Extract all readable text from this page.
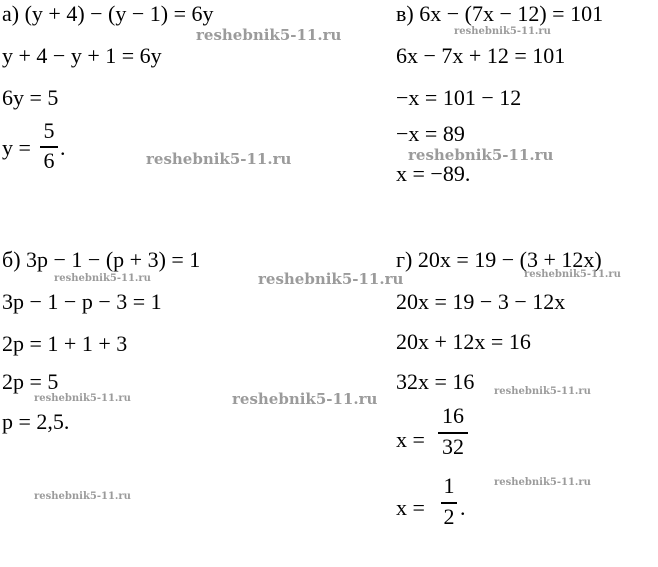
а) (y + 4) − (y − 1) = 6y
y + 4 − y + 1 = 6y
6y = 5
y =
5
6
.
в) 6x − (7x − 12) = 101
6x − 7x + 12 = 101
−x = 101 − 12
−x = 89
x = −89.
б) 3p − 1 − (p + 3) = 1
3p − 1 − p − 3 = 1
2p = 1 + 1 + 3
2p = 5
p = 2,5.
г) 20x = 19 − (3 + 12x)
20x = 19 − 3 − 12x
20x + 12x = 16
32x = 16
x =
16
32
x =
1
2 .
reshebnik5-11.ru	reshebnik5-11.ru
reshebnik5-11.ru	reshebnik5-11.ru
reshebnik5-11.ru	reshebnik5-11.ru	reshebnik5-11.ru
reshebnik5-11.ru	reshebnik5-11.ru	reshebnik5-11.ru
reshebnik5-11.ru
reshebnik5-11.ru
